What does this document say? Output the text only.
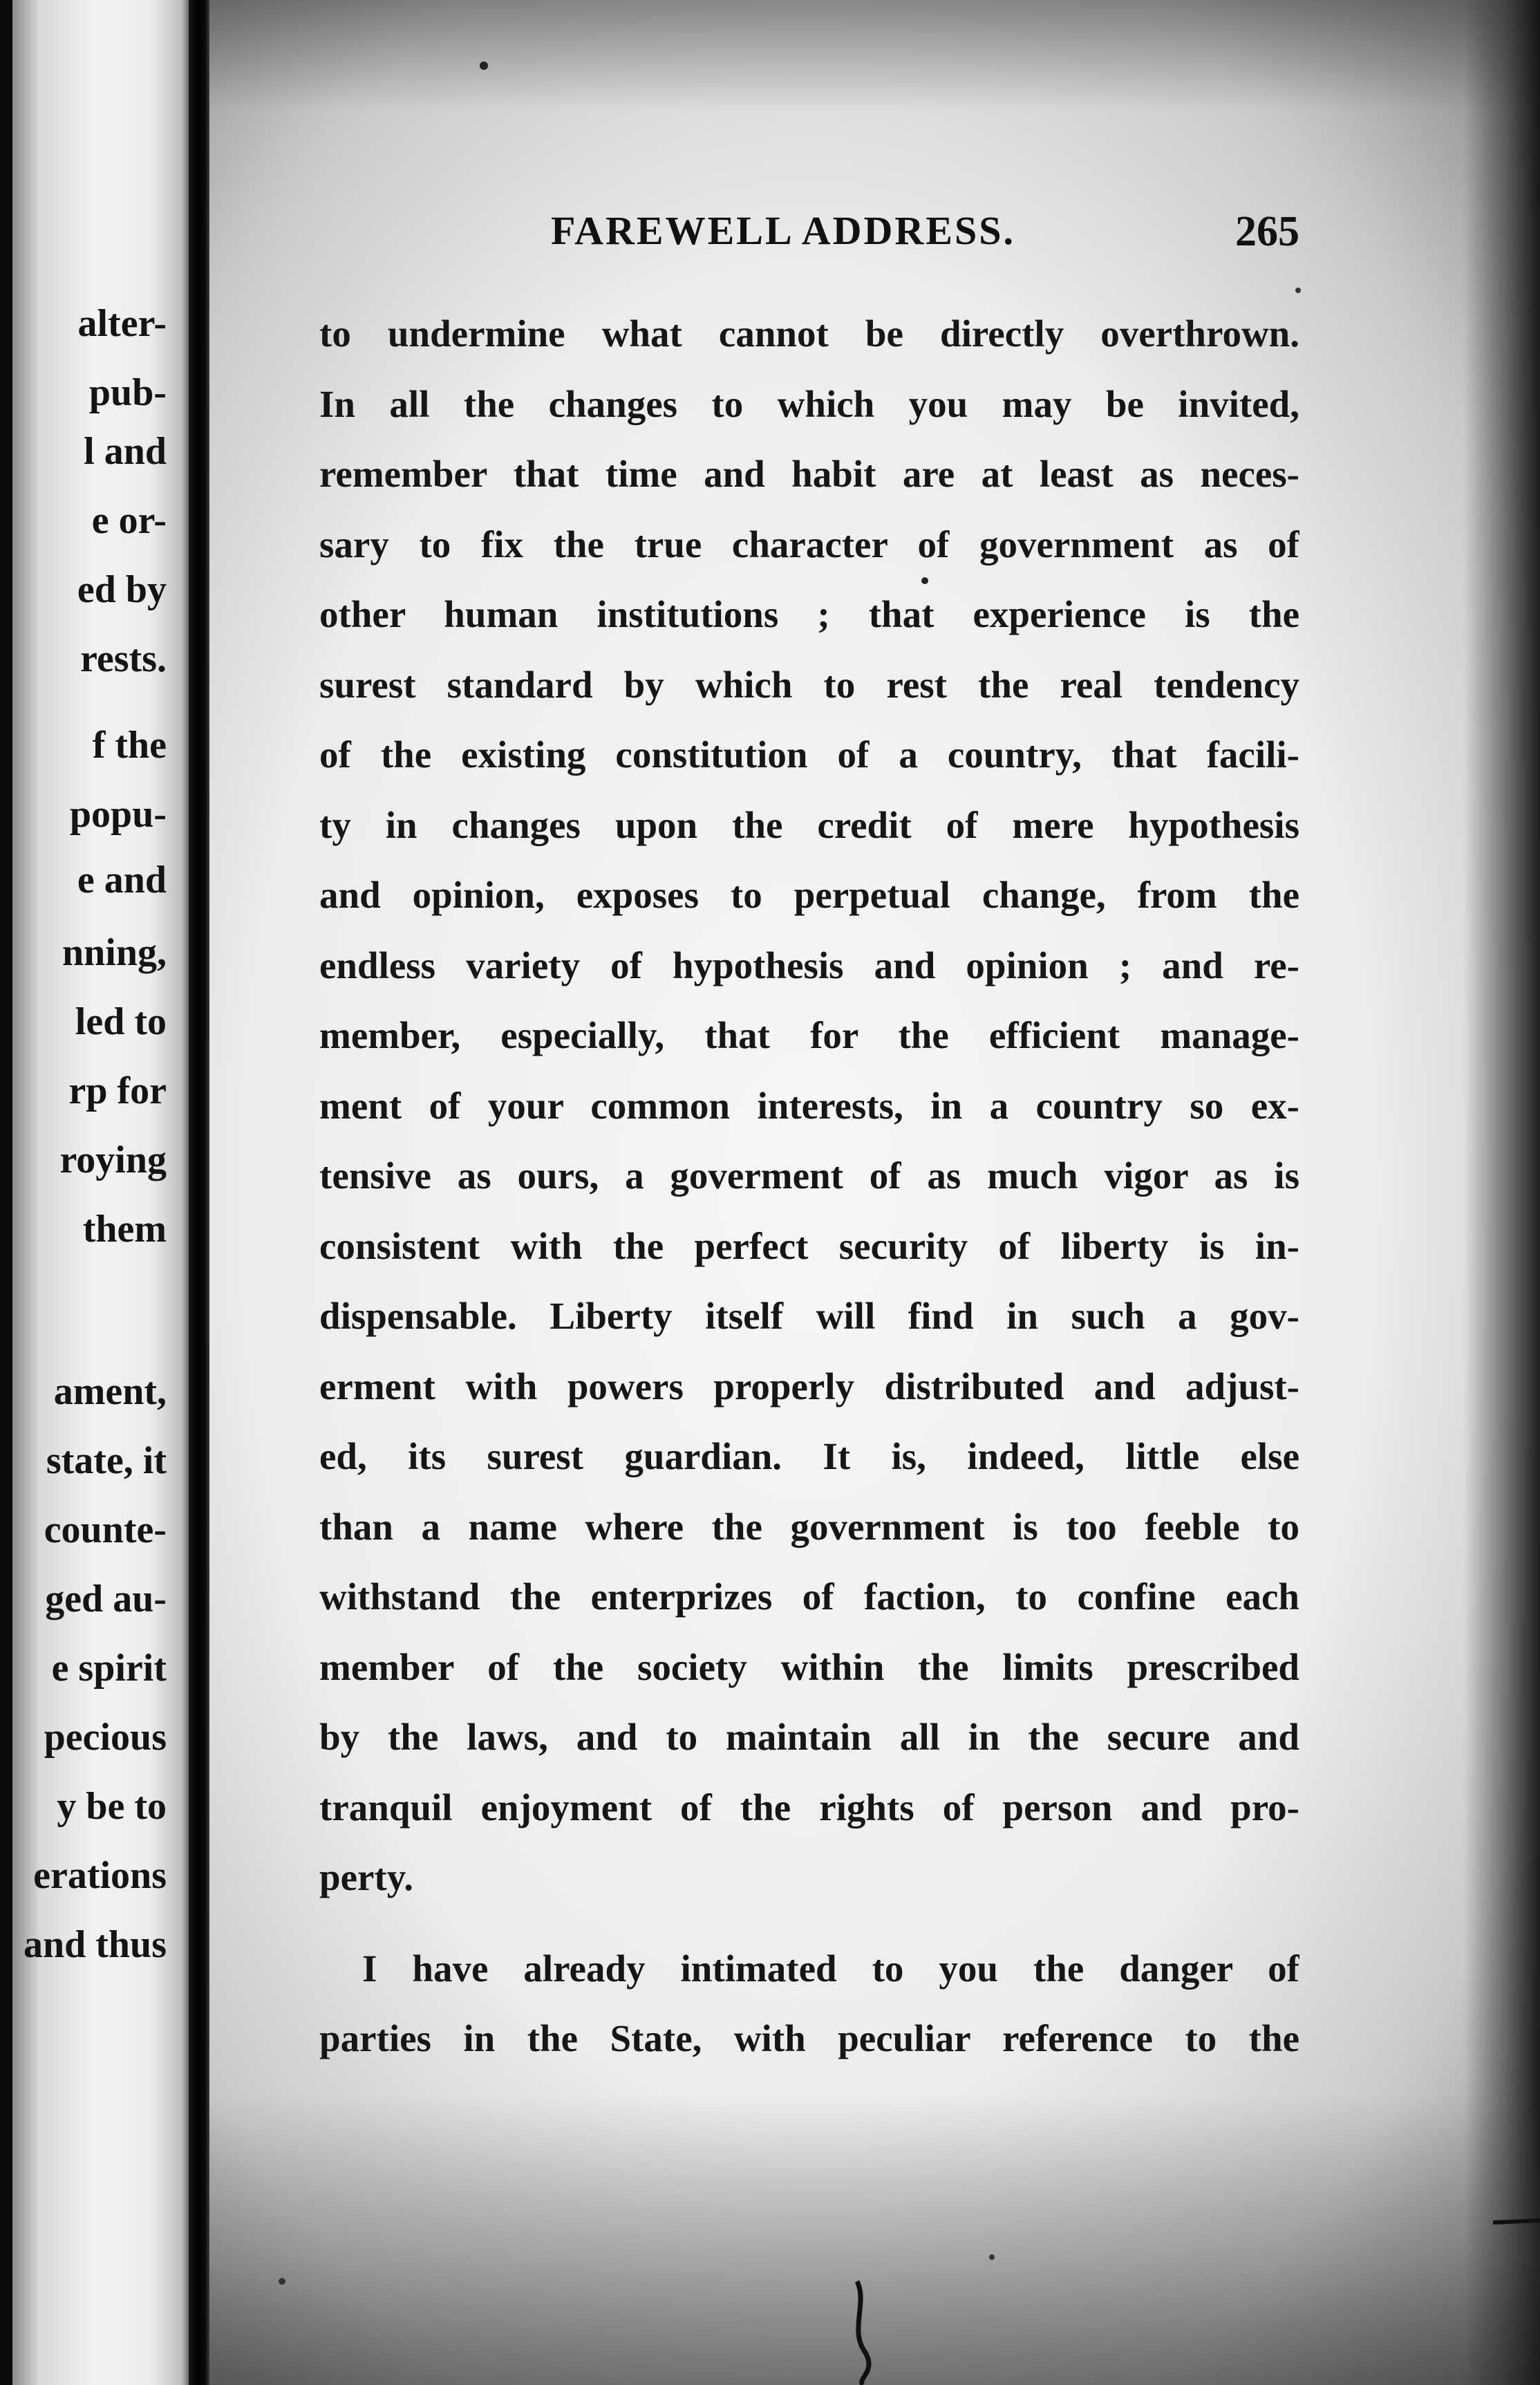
alter-
pub-
l and
e or-
ed by
rests.
f the
popu-
e and
nning,
led to
rp for
roying
them
ament,
state, it
counte-
ged au-
e spirit
pecious
y be to
erations
and thus
FAREWELL ADDRESS.	265
to undermine what cannot be directly overthrown.
In all the changes to which you may be invited,
remember that time and habit are at least as neces-
sary to fix the true character of government as of
other human institutions ; that experience is the
surest standard by which to rest the real tendency
of the existing constitution of a country, that facili-
ty in changes upon the credit of mere hypothesis
and opinion, exposes to perpetual change, from the
endless variety of hypothesis and opinion ; and re-
member, especially, that for the efficient manage-
ment of your common interests, in a country so ex-
tensive as ours, a goverment of as much vigor as is
consistent with the perfect security of liberty is in-
dispensable. Liberty itself will find in such a gov-
erment with powers properly distributed and adjust-
ed, its surest guardian. It is, indeed, little else
than a name where the government is too feeble to
withstand the enterprizes of faction, to confine each
member of the society within the limits prescribed
by the laws, and to maintain all in the secure and
tranquil enjoyment of the rights of person and pro-
perty.
I have already intimated to you the danger of
parties in the State, with peculiar reference to the
